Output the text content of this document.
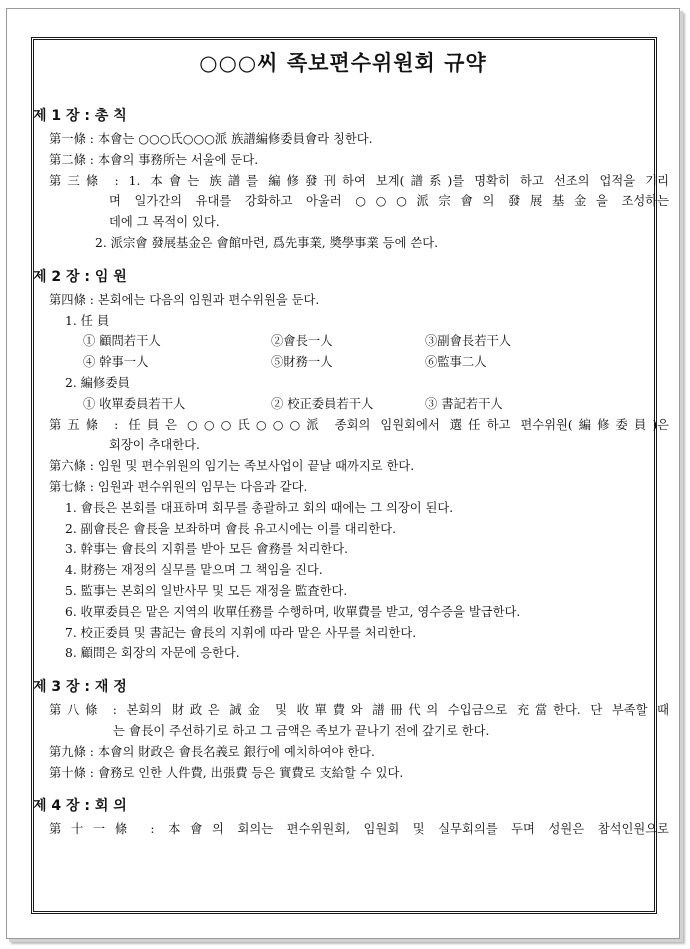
○○○씨 족보편수위원회 규약
제 1 장 : 총 칙
第一條 : 本會는 ○○○氏○○○派 族譜編修委員會라 칭한다.
第二條 : 本會의 事務所는 서울에 둔다.
第三條 : 1. 本會는 族譜를 編修發刊하여 보계(譜系)를 명확히 하고 선조의 업적을 기리
며 일가간의 유대를 강화하고 아울러 ○○○派宗會의 發展基金을 조성하는
데에 그 목적이 있다.
2. 派宗會 發展基金은 會館마련, 爲先事業, 奬學事業 등에 쓴다.
제 2 장 : 임 원
第四條 : 본회에는 다음의 임원과 편수위원을 둔다.
1. 任 員
① 顧問若干人	②會長一人	③副會長若干人
④ 幹事一人	⑤財務一人	⑥監事二人
2. 編修委員
① 收單委員若干人	② 校正委員若干人	③ 書記若干人
第五條 : 任員은 ○○○氏○○○派 종회의 임원회에서 選任하고 편수위원(編修委員)은
회장이 추대한다.
第六條 : 임원 및 편수위원의 임기는 족보사업이 끝날 때까지로 한다.
第七條 : 임원과 편수위원의 임무는 다음과 같다.
1. 會長은 본회를 대표하며 회무를 총괄하고 회의 때에는 그 의장이 된다.
2. 副會長은 會長을 보좌하며 會長 유고시에는 이를 대리한다.
3. 幹事는 會長의 지휘를 받아 모든 會務를 처리한다.
4. 財務는 재정의 실무를 맡으며 그 책임을 진다.
5. 監事는 본회의 일반사무 및 모든 재정을 監査한다.
6. 收單委員은 맡은 지역의 收單任務를 수행하며, 收單費를 받고, 영수증을 발급한다.
7. 校正委員 및 書記는 會長의 지휘에 따라 맡은 사무를 처리한다.
8. 顧問은 회장의 자문에 응한다.
제 3 장 : 재 정
第八條 : 본회의 財政은 誠金 및 收單費와 譜冊代의 수입금으로 充當한다. 단 부족할 때
는 會長이 주선하기로 하고 그 금액은 족보가 끝나기 전에 갚기로 한다.
第九條 : 本會의 財政은 會長名義로 銀行에 예치하여야 한다.
第十條 : 會務로 인한 人件費, 出張費 등은 實費로 支給할 수 있다.
제 4 장 : 회 의
第十一條 : 本會의 회의는 편수위원회, 임원회 및 실무회의를 두며 성원은 참석인원으로
